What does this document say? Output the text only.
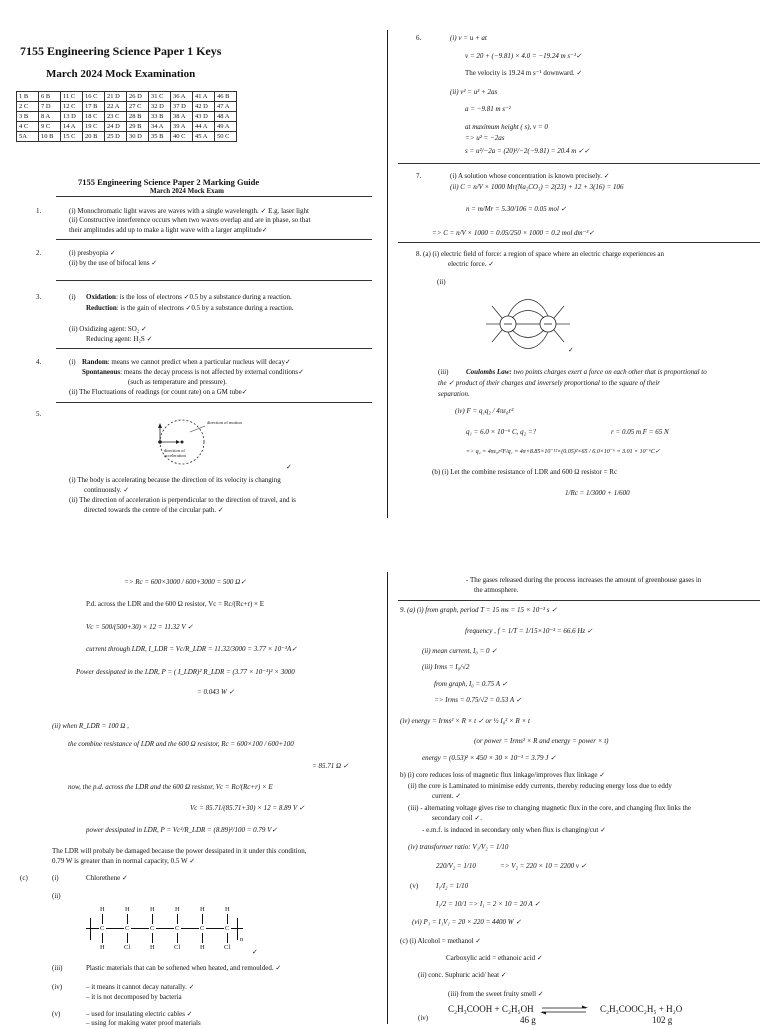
7155 Engineering Science Paper 1 Keys
March 2024 Mock Examination
1 B	6 B	11 C	16 C	21 D	26 D	31 C	36 A	41 A	46 B
2 C	7 D	12 C	17 B	22 A	27 C	32 D	37 D	42 D	47 A
3 B	8 A	13 D	18 C	23 C	28 B	33 B	38 A	43 D	48 A
4 C	9 C	14 A	19 C	24 D	29 B	34 A	39 A	44 A	49 A
5A	10 B	15 C	20 B	25 D	30 D	35 B	40 C	45 A	50 C
7155 Engineering Science Paper 2 Marking Guide
March 2024 Mock Exam
1.	(i) Monochromatic light waves are waves with a single wavelength. ✓ E.g. laser light
(ii) Constructive interference occurs when two waves overlap and are in phase, so that
their amplitudes add up to make a light wave with a larger amplitude✓
2.	(i) presbyopia ✓
(ii) by the use of bifocal lens ✓
3.	(i) Oxidation: is the loss of electrons ✓0.5 by a substance during a reaction.
Reduction: is the gain of electrons ✓0.5 by a substance during a reaction.
(ii) Oxidizing agent: SO₂ ✓
Reducing agent: H₂S ✓
4.	(i) Random: means we cannot predict when a particular nucleus will decay✓
Spontaneous: means the decay process is not affected by external conditions✓
(such as temperature and pressure).
(ii) The Fluctuations of readings (or count rate) on a GM tube✓
5.
direction of motion
direction of acceleration
✓
(i) The body is accelerating because the direction of its velocity is changing
continuously. ✓
(ii) The direction of acceleration is perpendicular to the direction of travel, and is
directed towards the centre of the circular path. ✓
6.	(i) v = u + at
v = 20 + (−9.81) × 4.0 = −19.24 m s⁻¹✓
The velocity is 19.24 m s⁻¹ downward. ✓
(ii) v² = u² + 2as
a = −9.81 m s⁻²
at maximum height ( s), v = 0
=> u² = −2as
s = u²/−2a = (20)²/−2(−9.81) = 20.4 m ✓✓
7.	(i) A solution whose concentration is known precisely. ✓
(ii) C = n/V × 1000 Mr(Na₂CO₃) = 2(23) + 12 + 3(16) = 106
n = m/Mr = 5.30/106 = 0.05 mol ✓
=> C = n/V × 1000 = 0.05/250 × 1000 = 0.2 mol dm⁻³✓
8. (a) (i) electric field of force: a region of space where an electric charge experiences an
electric force. ✓
(ii)
✓
(iii)	Coulombs Law: two points charges exert a force on each other that is proportional to
the ✓ product of their charges and inversely proportional to the square of their
separation.
(iv) F = q₁q₂ / 4πε₀r²
q₁ = 6.0 × 10⁻⁶ C, q₂ =?	r = 0.05 m F = 65 N
=> q₂ = 4πε₀r²F/q₁ = 4π×8.85×10⁻¹²×(0.05)²×65 / 6.0×10⁻⁶ = 3.01 × 10⁻⁶C✓
(b) (i) Let the combine resistance of LDR and 600 Ω resistor = Rc
1/Rc = 1/3000 + 1/600
=> Rc = 600×3000 / 600+3000 = 500 Ω✓
P.d. across the LDR and the 600 Ω resistor, Vc = Rc/(Rc+r) × E
Vc = 500/(500+30) × 12 = 11.32 V ✓
current through LDR, I_LDR = Vc/R_LDR = 11.32/3000 = 3.77 × 10⁻³A✓
Power dessipated in the LDR, P = ( I_LDR)² R_LDR = (3.77 × 10⁻³)² × 3000
= 0.043 W ✓
(ii) when R_LDR = 100 Ω ,
the combine resistance of LDR and the 600 Ω resistor, Rc = 600×100 / 600+100
= 85.71 Ω ✓
now, the p.d. across the LDR and the 600 Ω resistor, Vc = Rc/(Rc+r) × E
Vc = 85.71/(85.71+30) × 12 = 8.89 V ✓
power dessipated in LDR, P = Vc²/R_LDR = (8.89)²/100 = 0.79 V✓
The LDR will probaly be damaged because the power dessipated in it under this condition,
0.79 W is greater than in normal capacity, 0.5 W ✓
(c)	(i)	Chlorethene ✓
(ii)
H
C
H
H
C
Cl
H
C
H
H
C
Cl
H
C
H
H
C
Cl
n
✓
(iii)	Plastic materials that can be softened when heated, and remoulded. ✓
(iv)	– it means it cannot decay naturally. ✓
– it is not decomposed by bacteria
(v)	– used for insulating electric cables ✓
– using for making water proof materials
- The gases released during the process increases the amount of greenhouse gases in
the atmosphere.
9. (a) (i) from graph, period T = 15 ms = 15 × 10⁻³ s ✓
frequency , f = 1/T = 1/15×10⁻³ = 66.6 Hz ✓
(ii) mean current, I₀ = 0 ✓
(iii) Irms = I₀/√2
from graph, I₀ = 0.75 A ✓
=> Irms = 0.75/√2 = 0.53 A ✓
(iv) energy = Irms² × R × t ✓ or ½ I₀² × R × t
(or power = Irms² × R and energy = power × t)
energy = (0.53)² × 450 × 30 × 10⁻³ = 3.79 J ✓
b) (i) core reduces loss of magnetic flux linkage/improves flux linkage ✓
(ii) the core is Laminated to minimise eddy currents, thereby reducing energy loss due to eddy
current. ✓
(iii) - alternating voltage gives rise to changing magnetic flux in the core, and changing flux links the
secondary coil ✓.
- e.m.f. is induced in secondary only when flux is changing/cut ✓
(iv) transformer ratio: V₁/V₂ = 1/10
220/V₂ = 1/10	=> V₂ = 220 × 10 = 2200 v ✓
(v)	I₁/I₂ = 1/10
I₁/2 = 10/1 => I₁ = 2 × 10 = 20 A ✓
(vi) P₁ = I₁V₁ = 20 × 220 = 4400 W ✓
(c) (i) Alcohol = methanol ✓
Carboxylic acid = ethanoic acid ✓
(ii) conc. Suphuric acid/ heat ✓
(iii) from the sweet fruity smell ✓
(iv)
C₂H₃COOH + C₂H₅OH ⇌ C₂H₃COOC₂H₅ + H₂O
46 g	102 g
